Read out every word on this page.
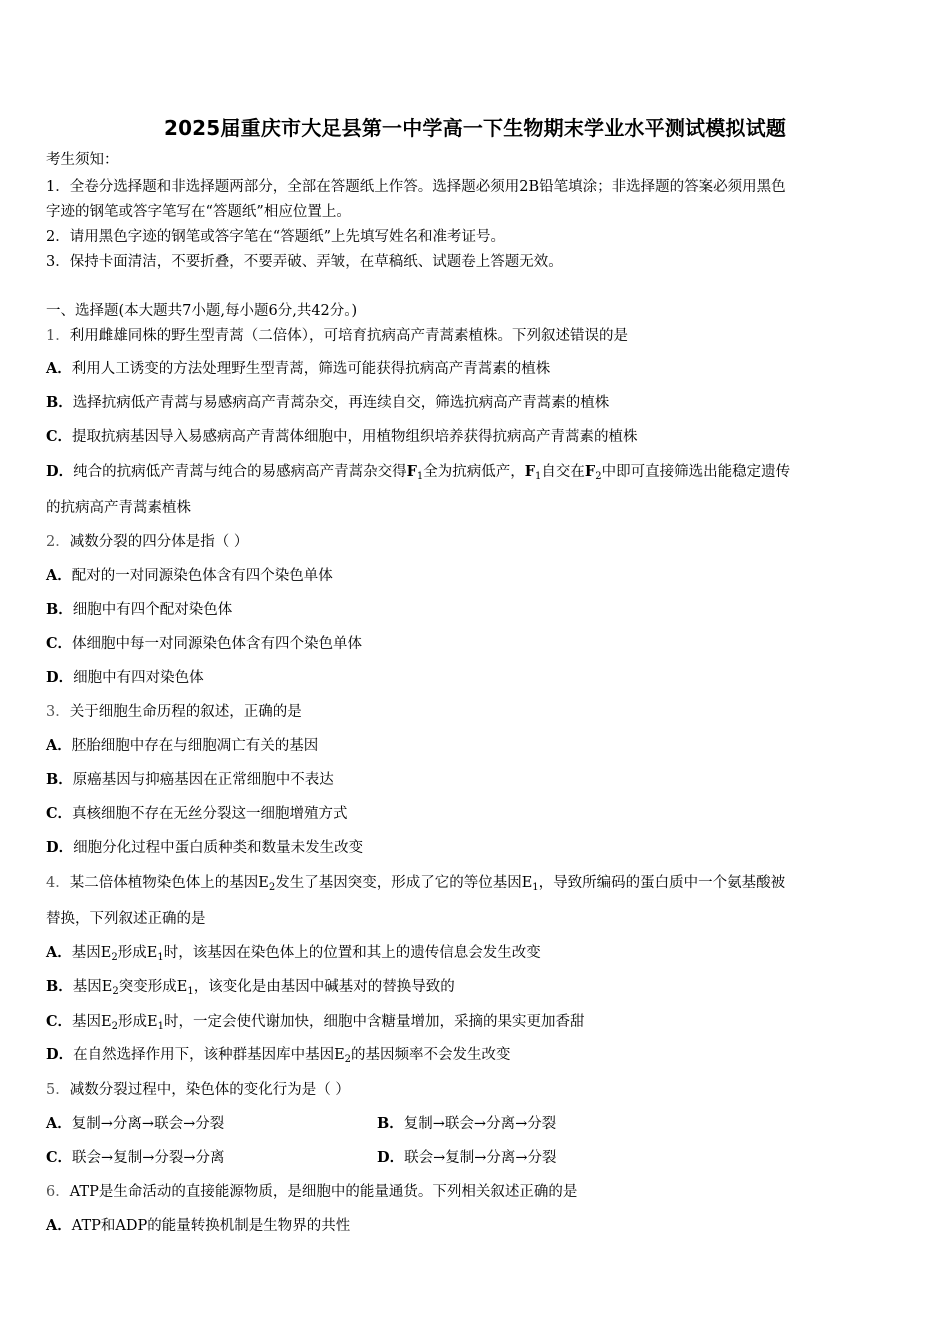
2025届重庆市大足县第一中学高一下生物期末学业水平测试模拟试题
考生须知：
1．全卷分选择题和非选择题两部分，全部在答题纸上作答。选择题必须用2B铅笔填涂；非选择题的答案必须用黑色
字迹的钢笔或答字笔写在“答题纸”相应位置上。
2．请用黑色字迹的钢笔或答字笔在“答题纸”上先填写姓名和准考证号。
3．保持卡面清洁，不要折叠，不要弄破、弄皱，在草稿纸、试题卷上答题无效。
一、选择题(本大题共7小题,每小题6分,共42分。)
1．利用雌雄同株的野生型青蒿（二倍体），可培育抗病高产青蒿素植株。下列叙述错误的是
A．利用人工诱变的方法处理野生型青蒿，筛选可能获得抗病高产青蒿素的植株
B．选择抗病低产青蒿与易感病高产青蒿杂交，再连续自交，筛选抗病高产青蒿素的植株
C．提取抗病基因导入易感病高产青蒿体细胞中，用植物组织培养获得抗病高产青蒿素的植株
D．纯合的抗病低产青蒿与纯合的易感病高产青蒿杂交得$F_1$全为抗病低产，$F_1$自交在$F_2$中即可直接筛选出能稳定遗传
的抗病高产青蒿素植株
2．减数分裂的四分体是指（ ）
A．配对的一对同源染色体含有四个染色单体
B．细胞中有四个配对染色体
C．体细胞中每一对同源染色体含有四个染色单体
D．细胞中有四对染色体
3．关于细胞生命历程的叙述，正确的是
A．胚胎细胞中存在与细胞凋亡有关的基因
B．原癌基因与抑癌基因在正常细胞中不表达
C．真核细胞不存在无丝分裂这一细胞增殖方式
D．细胞分化过程中蛋白质种类和数量未发生改变
4．某二倍体植物染色体上的基因$E_2$发生了基因突变，形成了它的等位基因$E_1$，导致所编码的蛋白质中一个氨基酸被
替换，下列叙述正确的是
A．基因$E_2$形成$E_1$时，该基因在染色体上的位置和其上的遗传信息会发生改变
B．基因$E_2$突变形成$E_1$，该变化是由基因中碱基对的替换导致的
C．基因$E_2$形成$E_1$时，一定会使代谢加快，细胞中含糖量增加，采摘的果实更加香甜
D．在自然选择作用下，该种群基因库中基因$E_2$的基因频率不会发生改变
5．减数分裂过程中，染色体的变化行为是（ ）
A．复制→分离→联会→分裂	B．复制→联会→分离→分裂
C．联会→复制→分裂→分离	D．联会→复制→分离→分裂
6．ATP是生命活动的直接能源物质，是细胞中的能量通货。下列相关叙述正确的是
A．ATP和ADP的能量转换机制是生物界的共性
